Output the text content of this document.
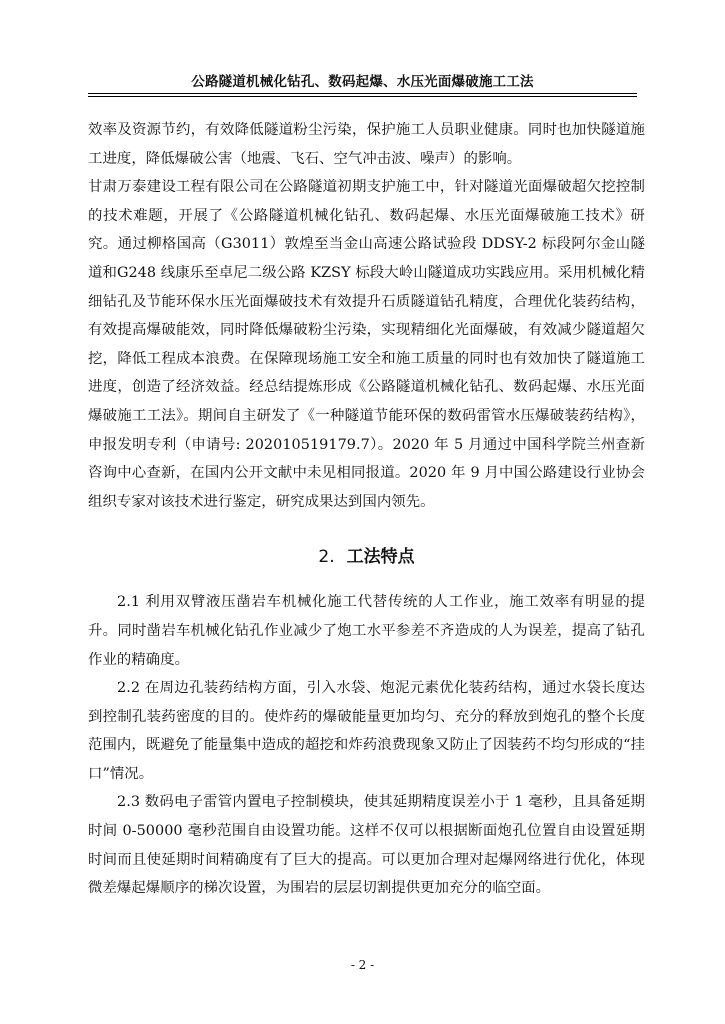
公路隧道机械化钻孔、数码起爆、水压光面爆破施工工法

效率及资源节约，有效降低隧道粉尘污染，保护施工人员职业健康。同时也加快隧道施工进度，降低爆破公害（地震、飞石、空气冲击波、噪声）的影响。

甘肃万泰建设工程有限公司在公路隧道初期支护施工中，针对隧道光面爆破超欠挖控制的技术难题，开展了《公路隧道机械化钻孔、数码起爆、水压光面爆破施工技术》研究。通过柳格国高（G3011）敦煌至当金山高速公路试验段 DDSY-2 标段阿尔金山隧道和G248 线康乐至卓尼二级公路 KZSY 标段大岭山隧道成功实践应用。采用机械化精细钻孔及节能环保水压光面爆破技术有效提升石质隧道钻孔精度，合理优化装药结构，有效提高爆破能效，同时降低爆破粉尘污染，实现精细化光面爆破，有效减少隧道超欠挖，降低工程成本浪费。在保障现场施工安全和施工质量的同时也有效加快了隧道施工进度，创造了经济效益。经总结提炼形成《公路隧道机械化钻孔、数码起爆、水压光面爆破施工工法》。期间自主研发了《一种隧道节能环保的数码雷管水压爆破装药结构》，申报发明专利（申请号: 202010519179.7）。2020 年 5 月通过中国科学院兰州查新咨询中心查新，在国内公开文献中未见相同报道。2020 年 9 月中国公路建设行业协会组织专家对该技术进行鉴定，研究成果达到国内领先。

2. 工法特点

2.1 利用双臂液压凿岩车机械化施工代替传统的人工作业，施工效率有明显的提升。同时凿岩车机械化钻孔作业减少了炮工水平参差不齐造成的人为误差，提高了钻孔作业的精确度。

2.2 在周边孔装药结构方面，引入水袋、炮泥元素优化装药结构，通过水袋长度达到控制孔装药密度的目的。使炸药的爆破能量更加均匀、充分的释放到炮孔的整个长度范围内，既避免了能量集中造成的超挖和炸药浪费现象又防止了因装药不均匀形成的“挂口”情况。

2.3 数码电子雷管内置电子控制模块，使其延期精度误差小于 1 毫秒，且具备延期时间 0-50000 毫秒范围自由设置功能。这样不仅可以根据断面炮孔位置自由设置延期时间而且使延期时间精确度有了巨大的提高。可以更加合理对起爆网络进行优化，体现微差爆起爆顺序的梯次设置，为围岩的层层切割提供更加充分的临空面。

- 2 -
